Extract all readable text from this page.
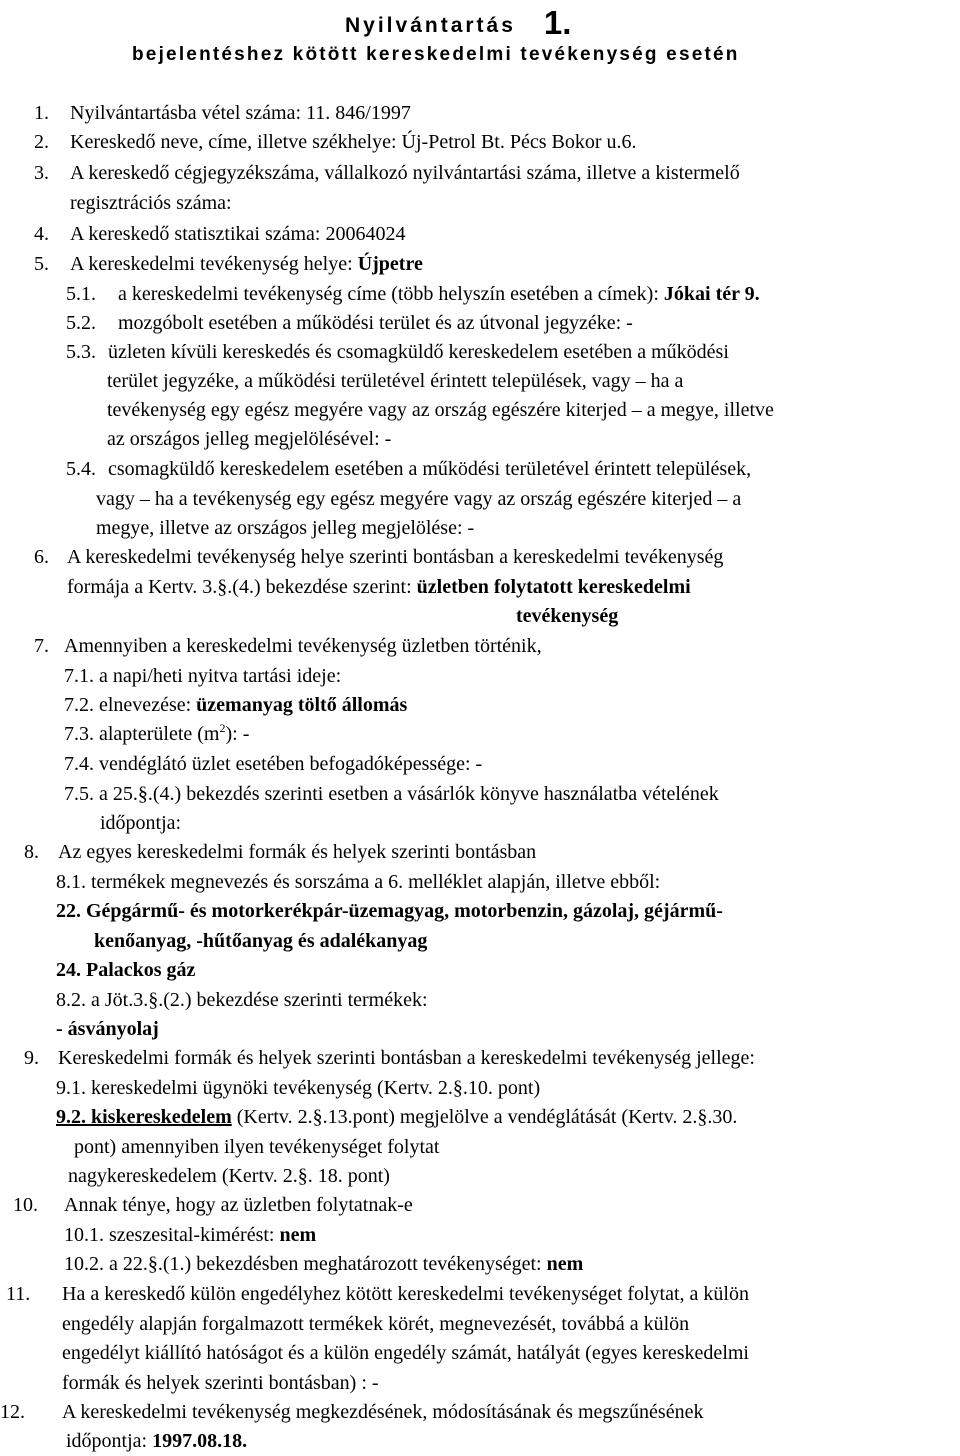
Nyilvántartás 1.
bejelentéshez kötött kereskedelmi tevékenység esetén
1. Nyilvántartásba vétel száma: 11. 846/1997
2. Kereskedő neve, címe, illetve székhelye: Új-Petrol Bt. Pécs Bokor u.6.
3. A kereskedő cégjegyzékszáma, vállalkozó nyilvántartási száma, illetve a kistermelő
regisztrációs száma:
4. A kereskedő statisztikai száma: 20064024
5. A kereskedelmi tevékenység helye: Újpetre
5.1. a kereskedelmi tevékenység címe (több helyszín esetében a címek): Jókai tér 9.
5.2. mozgóbolt esetében a működési terület és az útvonal jegyzéke: -
5.3. üzleten kívüli kereskedés és csomagküldő kereskedelem esetében a működési
terület jegyzéke, a működési területével érintett települések, vagy – ha a
tevékenység egy egész megyére vagy az ország egészére kiterjed – a megye, illetve
az országos jelleg megjelölésével: -
5.4. csomagküldő kereskedelem esetében a működési területével érintett települések,
vagy – ha a tevékenység egy egész megyére vagy az ország egészére kiterjed – a
megye, illetve az országos jelleg megjelölése: -
6. A kereskedelmi tevékenység helye szerinti bontásban a kereskedelmi tevékenység
formája a Kertv. 3.§.(4.) bekezdése szerint: üzletben folytatott kereskedelmi
tevékenység
7. Amennyiben a kereskedelmi tevékenység üzletben történik,
7.1. a napi/heti nyitva tartási ideje:
7.2. elnevezése: üzemanyag töltő állomás
7.3. alapterülete $(m^2)$: -
7.4. vendéglátó üzlet esetében befogadóképessége: -
7.5. a 25.§.(4.) bekezdés szerinti esetben a vásárlók könyve használatba vételének
időpontja:
8. Az egyes kereskedelmi formák és helyek szerinti bontásban
8.1. termékek megnevezés és sorszáma a 6. melléklet alapján, illetve ebből:
22. Gépgármű- és motorkerékpár-üzemagyag, motorbenzin, gázolaj, géjármű-
kenőanyag, -hűtőanyag és adalékanyag
24. Palackos gáz
8.2. a Jöt.3.§.(2.) bekezdése szerinti termékek:
- ásványolaj
9. Kereskedelmi formák és helyek szerinti bontásban a kereskedelmi tevékenység jellege:
9.1. kereskedelmi ügynöki tevékenység (Kertv. 2.§.10. pont)
9.2. kiskereskedelem (Kertv. 2.§.13.pont) megjelölve a vendéglátását (Kertv. 2.§.30.
pont) amennyiben ilyen tevékenységet folytat
nagykereskedelem (Kertv. 2.§. 18. pont)
10. Annak ténye, hogy az üzletben folytatnak-e
10.1. szeszesital-kimérést: nem
10.2. a 22.§.(1.) bekezdésben meghatározott tevékenységet: nem
11. Ha a kereskedő külön engedélyhez kötött kereskedelmi tevékenységet folytat, a külön
engedély alapján forgalmazott termékek körét, megnevezését, továbbá a külön
engedélyt kiállító hatóságot és a külön engedély számát, hatályát (egyes kereskedelmi
formák és helyek szerinti bontásban) : -
12. A kereskedelmi tevékenység megkezdésének, módosításának és megszűnésének
időpontja: 1997.08.18.
